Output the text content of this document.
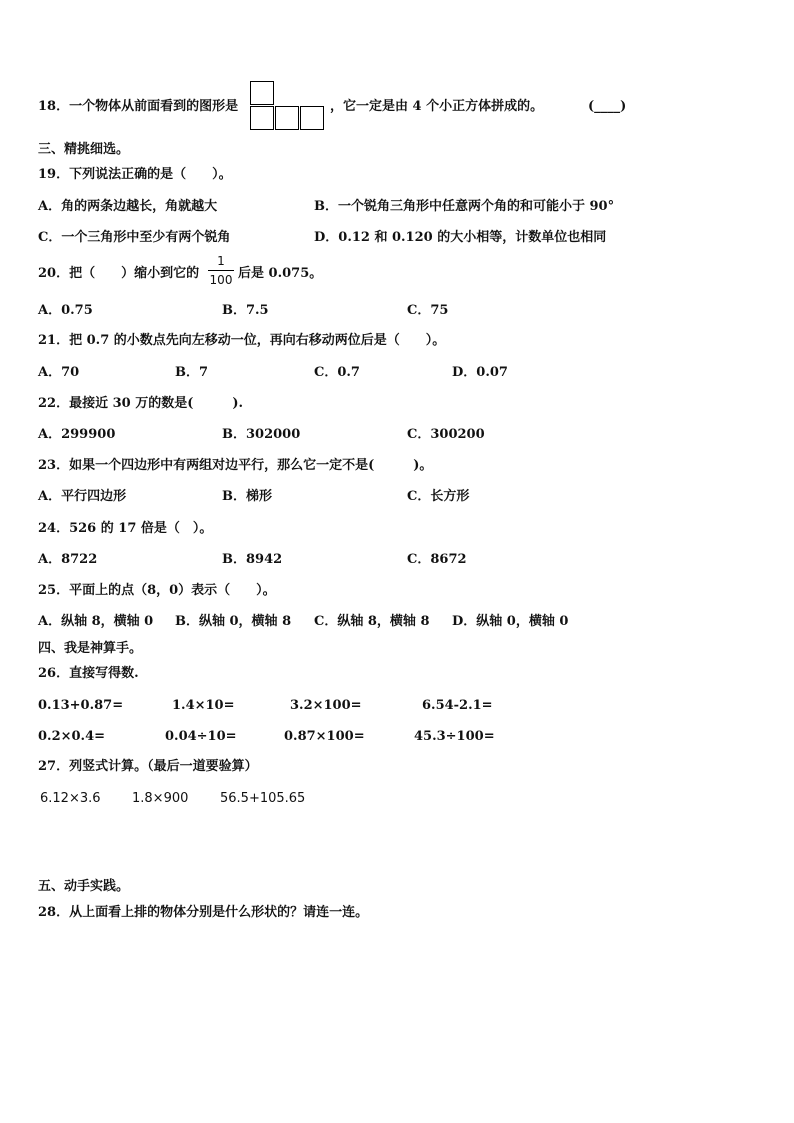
18．一个物体从前面看到的图形是	，它一定是由 4 个小正方体拼成的。	(____)
三、精挑细选。
19．下列说法正确的是（　　）。
A．角的两条边越长，角就越大	B．一个锐角三角形中任意两个角的和可能小于 90°
C．一个三角形中至少有两个锐角	D．0.12 和 0.120 的大小相等，计数单位也相同
20．把（　　）缩小到它的
1
100 后是 0.075。
A．0.75	B．7.5	C．75
21．把 0.7 的小数点先向左移动一位，再向右移动两位后是（　　）。
A．70	B．7	C．0.7	D．0.07
22．最接近 30 万的数是(　　　).
A．299900	B．302000	C．300200
23．如果一个四边形中有两组对边平行，那么它一定不是(　　　)。
A．平行四边形	B．梯形	C．长方形
24．526 的 17 倍是（　）。
A．8722	B．8942	C．8672
25．平面上的点（8，0）表示（　　）。
A．纵轴 8，横轴 0 B．纵轴 0，横轴 8 C．纵轴 8，横轴 8 D．纵轴 0，横轴 0
四、我是神算手。
26．直接写得数.
0.13+0.87=	1.4×10=	3.2×100=	6.54-2.1=
0.2×0.4=	0.04÷10=	0.87×100=	45.3÷100=
27．列竖式计算。（最后一道要验算）
6.12×3.6 1.8×900 56.5+105.65
五、动手实践。
28．从上面看上排的物体分别是什么形状的？请连一连。
